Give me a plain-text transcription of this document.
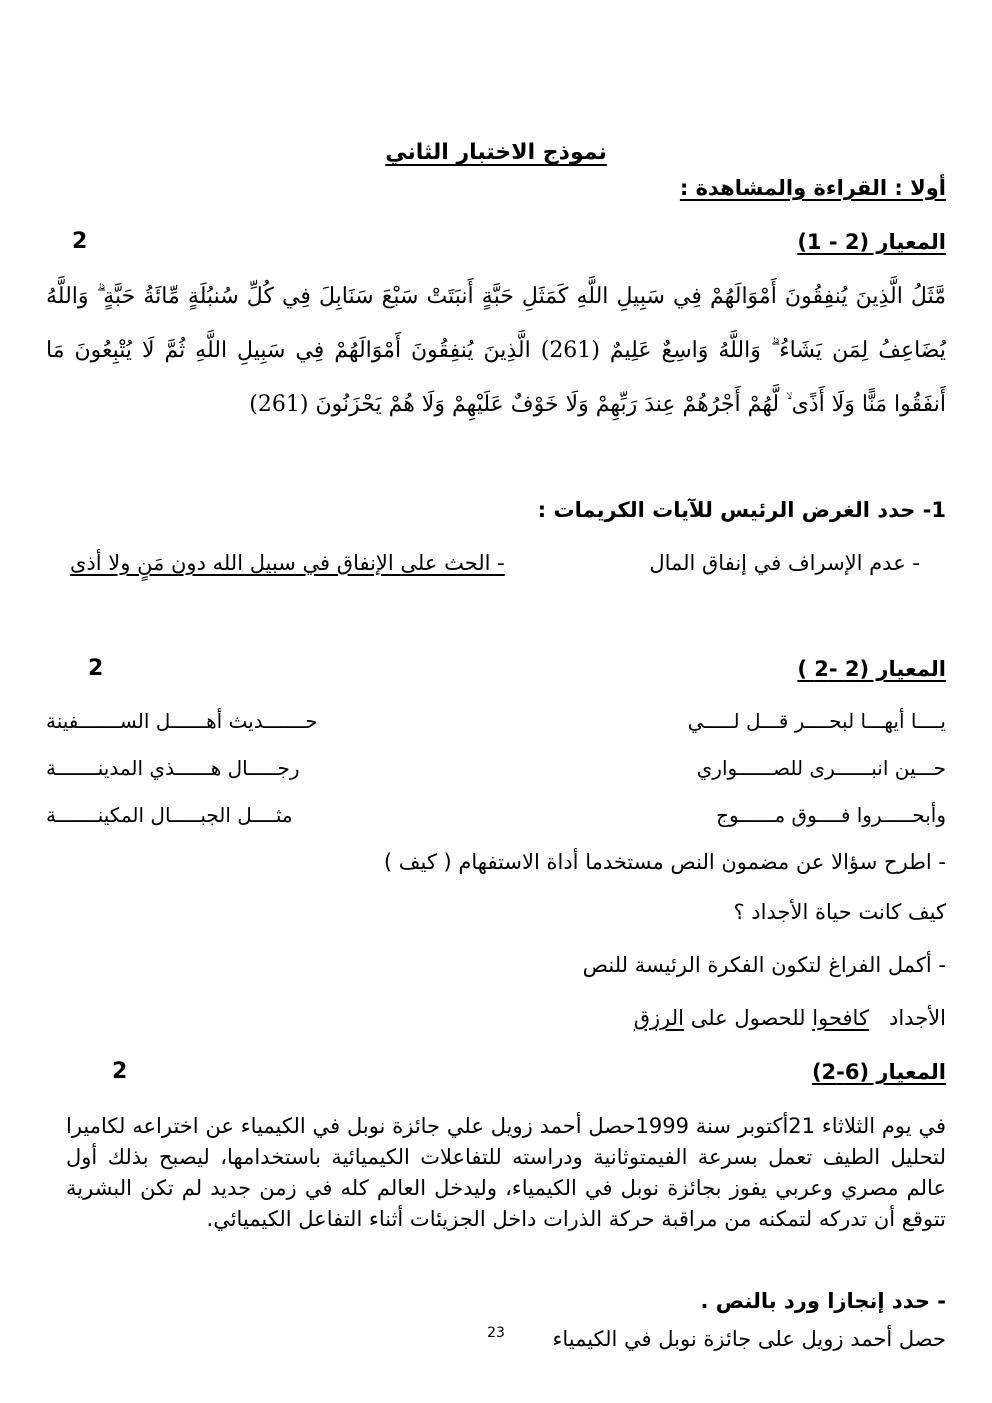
نموذج الاختبار الثاني

أولا : القراءة والمشاهدة :

المعيار (2 - 1)

2

مَّثَلُ الَّذِينَ يُنفِقُونَ أَمْوَالَهُمْ فِي سَبِيلِ اللَّهِ كَمَثَلِ حَبَّةٍ أَنبَتَتْ سَبْعَ سَنَابِلَ فِي كُلِّ سُنبُلَةٍ مِّائَةُ حَبَّةٍ ۗ وَاللَّهُ يُضَاعِفُ لِمَن يَشَاءُ ۗ وَاللَّهُ وَاسِعٌ عَلِيمٌ (261) الَّذِينَ يُنفِقُونَ أَمْوَالَهُمْ فِي سَبِيلِ اللَّهِ ثُمَّ لَا يُتْبِعُونَ مَا أَنفَقُوا مَنًّا وَلَا أَذًى ۙ لَّهُمْ أَجْرُهُمْ عِندَ رَبِّهِمْ وَلَا خَوْفٌ عَلَيْهِمْ وَلَا هُمْ يَحْزَنُونَ (261)

1- حدد الغرض الرئيس للآيات الكريمات :

- عدم الإسراف في إنفاق المال

- الحث على الإنفاق في سبيل الله دون مَنٍ ولا أذى

المعيار (2 -2 )

2

يــــا أيهـــا لبحــــر قـــل لـــــي

حـــــــديث أهــــــل الســـــــفينة

حـــين انبــــــرى للصــــــواري

رجـــــال هــــــذي المدينـــــــة

وأبحـــــروا فــــوق مــــــوج

مثــــل الجبـــــال المكينـــــــة

- اطرح سؤالا عن مضمون النص مستخدما أداة الاستفهام ( كيف )

كيف كانت حياة الأجداد ؟

- أكمل الفراغ لتكون الفكرة الرئيسة للنص

الأجداد   كافحوا للحصول على الرزق

المعيار (6-2)

2

في يوم الثلاثاء 21أكتوبر سنة 1999حصل أحمد زويل علي جائزة نوبل في الكيمياء عن اختراعه لكاميرا لتحليل الطيف تعمل بسرعة الفيمتوثانية ودراسته للتفاعلات الكيميائية باستخدامها، ليصبح بذلك أول عالم مصري وعربي يفوز بجائزة نوبل في الكيمياء، وليدخل العالم كله في زمن جديد لم تكن البشرية تتوقع أن تدركه لتمكنه من مراقبة حركة الذرات داخل الجزيئات أثناء التفاعل الكيميائي.

- حدد إنجازا ورد بالنص .

حصل أحمد زويل على جائزة نوبل في الكيمياء

23
